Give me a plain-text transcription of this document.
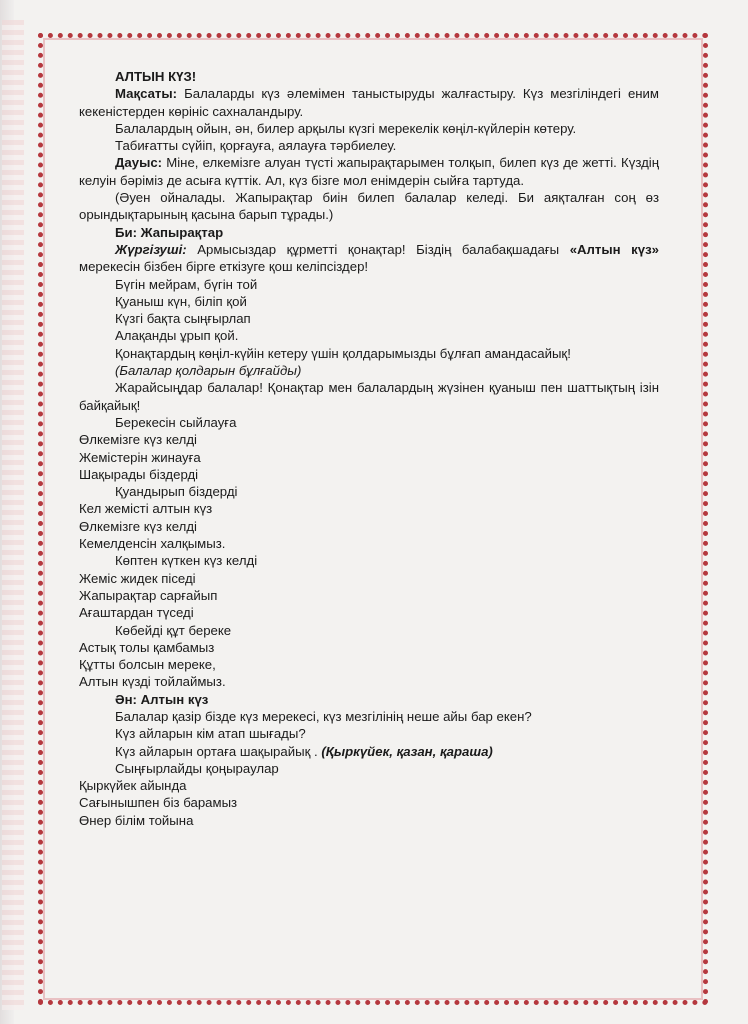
АЛТЫН КҮЗ!

Мақсаты: Балаларды күз әлемімен таныстыруды жалғастыру. Күз мезгіліндегі еним кекеністерден көрініс сахналандыру.

Балалардың ойын, ән, билер арқылы күзгі мерекелік көңіл-күйлерін көтеру.

Табиғатты сүйіп, қорғауға, аялауға тәрбиелеу.

Дауыс: Міне, елкемізге алуан түсті жапырақтарымен толқып, билеп күз де жетті. Күздің келуін бәріміз де асыға күттік. Ал, күз бізге мол енімдерін сыйға тартуда.

(Әуен ойналады. Жапырақтар биін билеп балалар келеді. Би аяқталған соң өз орындықтарының қасына барып тұрады.)

Би: Жапырақтар

Жүргізуші: Армысыздар құрметті қонақтар! Біздің балабақшадағы «Алтын күз» мерекесін бізбен бірге еткізуге қош келіпсіздер!

Бүгін мейрам, бүгін той

Қуаныш күн, біліп қой

Күзгі бақта сыңғырлап

Алақанды ұрып қой.

Қонақтардың көңіл-күйін кетеру үшін қолдарымызды бұлғап амандасайық!

(Балалар қолдарын бұлғайды)

Жарайсыңдар балалар! Қонақтар мен балалардың жүзінен қуаныш пен шаттықтың ізін байқайық!

Берекесін сыйлауға

Өлкемізге күз келді

Жемістерін жинауға

Шақырады біздерді

Қуандырып біздерді

Кел жемісті алтын күз

Өлкемізге күз келді

Кемелденсін халқымыз.

Көптен күткен күз келді

Жеміс жидек піседі

Жапырақтар сарғайып

Ағаштардан түседі

Көбейді құт береке

Астық толы қамбамыз

Құтты болсын мереке,

Алтын күзді тойлаймыз.

Ән: Алтын күз

Балалар қазір бізде күз мерекесі, күз мезгілінің неше айы бар екен?

Күз айларын кім атап шығады?

Күз айларын ортаға шақырайық . (Қыркүйек, қазан, қараша)

Сыңғырлайды қоңыраулар

Қыркүйек айында

Сағынышпен біз барамыз

Өнер білім тойына
